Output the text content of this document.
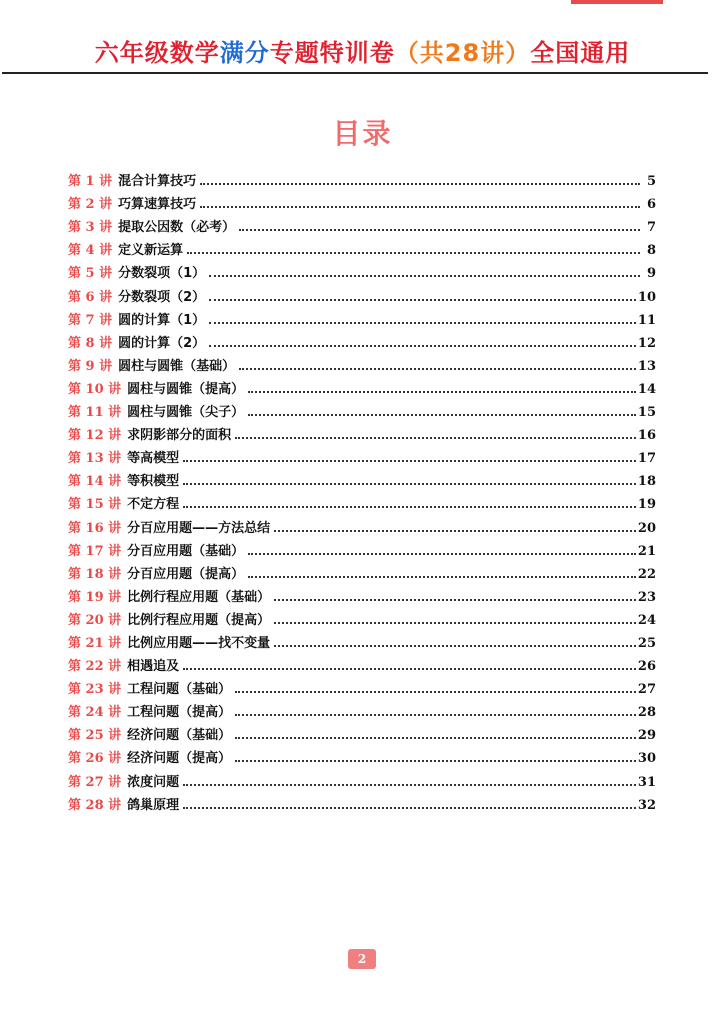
六年级数学 满分 专题特训卷 （共28讲） 全国通用
目录
第 1 讲 混合计算技巧	5
第 2 讲 巧算速算技巧	6
第 3 讲 提取公因数（必考）	7
第 4 讲 定义新运算	8
第 5 讲 分数裂项（1）	9
第 6 讲 分数裂项（2）	10
第 7 讲 圆的计算（1）	11
第 8 讲 圆的计算（2）	12
第 9 讲 圆柱与圆锥（基础）	13
第 10 讲 圆柱与圆锥（提高）	14
第 11 讲 圆柱与圆锥（尖子）	15
第 12 讲 求阴影部分的面积	16
第 13 讲 等高模型	17
第 14 讲 等积模型	18
第 15 讲 不定方程	19
第 16 讲 分百应用题——方法总结	20
第 17 讲 分百应用题（基础）	21
第 18 讲 分百应用题（提高）	22
第 19 讲 比例行程应用题（基础）	23
第 20 讲 比例行程应用题（提高）	24
第 21 讲 比例应用题——找不变量	25
第 22 讲 相遇追及	26
第 23 讲 工程问题（基础）	27
第 24 讲 工程问题（提高）	28
第 25 讲 经济问题（基础）	29
第 26 讲 经济问题（提高）	30
第 27 讲 浓度问题	31
第 28 讲 鸽巢原理	32
2
